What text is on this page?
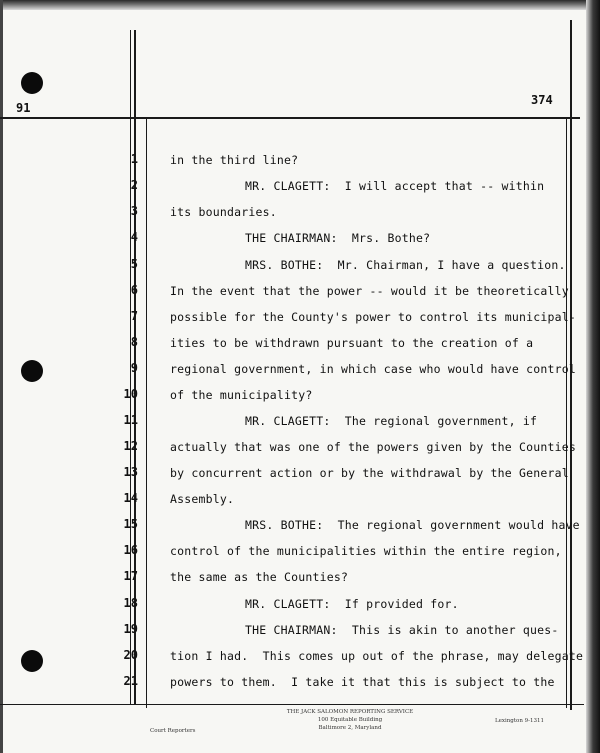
91
374
1
2
3
4
5
6
7
8
9
10
11
12
13
14
15
16
17
18
19
20
21
in the third line?
MR. CLAGETT:  I will accept that -- within
its boundaries.
THE CHAIRMAN:  Mrs. Bothe?
MRS. BOTHE:  Mr. Chairman, I have a question.
In the event that the power -- would it be theoretically
possible for the County's power to control its municipal-
ities to be withdrawn pursuant to the creation of a
regional government, in which case who would have control
of the municipality?
MR. CLAGETT:  The regional government, if
actually that was one of the powers given by the Counties
by concurrent action or by the withdrawal by the General
Assembly.
MRS. BOTHE:  The regional government would have
control of the municipalities within the entire region,
the same as the Counties?
MR. CLAGETT:  If provided for.
THE CHAIRMAN:  This is akin to another ques-
tion I had.  This comes up out of the phrase, may delegate
powers to them.  I take it that this is subject to the
Court Reporters
THE JACK SALOMON REPORTING SERVICE
100 Equitable Building
Baltimore 2, Maryland
Lexington 9-1311
